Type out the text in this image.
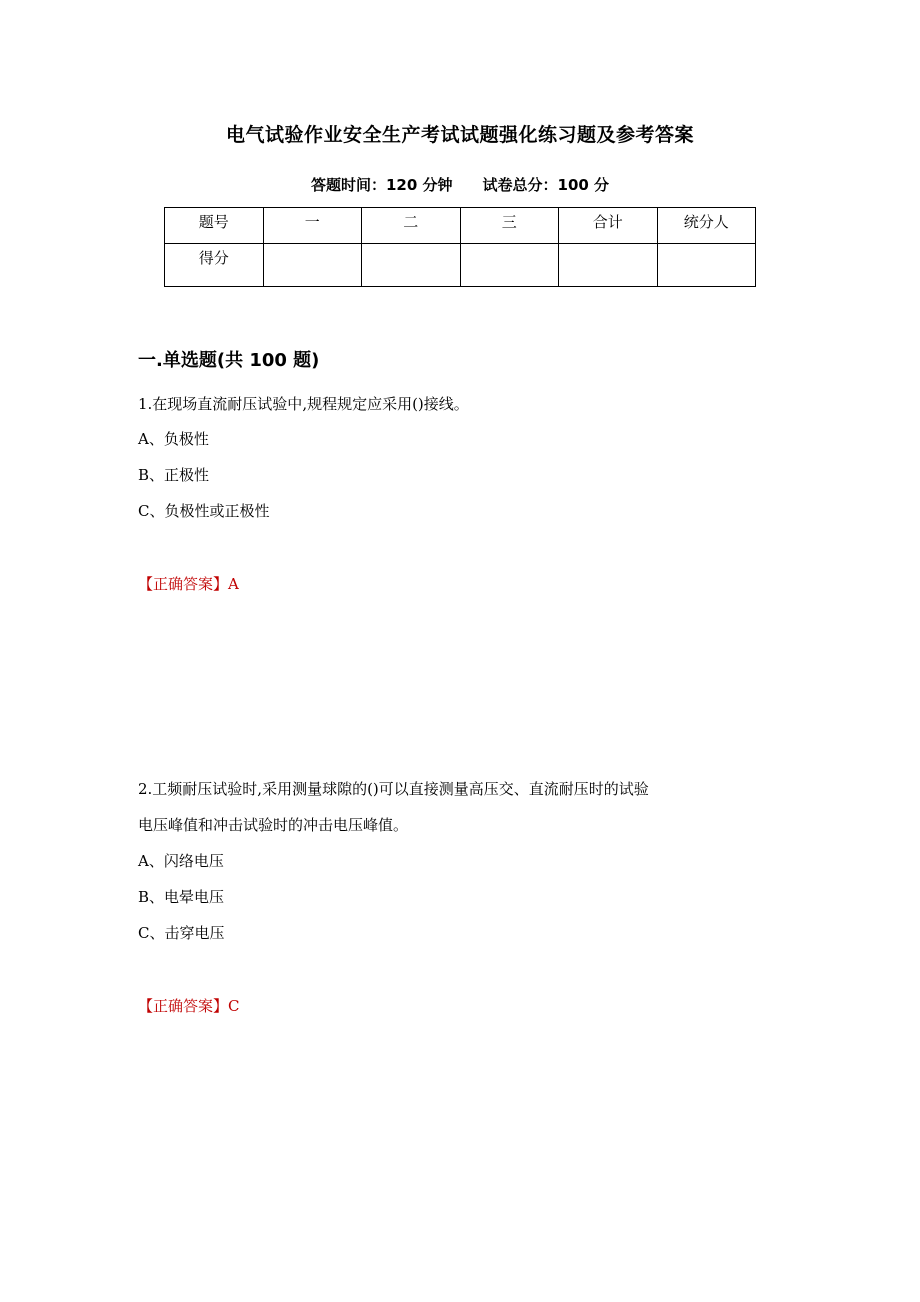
电气试验作业安全生产考试试题强化练习题及参考答案
答题时间：120 分钟 试卷总分：100 分
题号	一	二	三	合计	统分人
得分					
一.单选题(共 100 题)
1.在现场直流耐压试验中,规程规定应采用()接线。
A、负极性
B、正极性
C、负极性或正极性
【正确答案】A
2.工频耐压试验时,采用测量球隙的()可以直接测量高压交、直流耐压时的试验
电压峰值和冲击试验时的冲击电压峰值。
A、闪络电压
B、电晕电压
C、击穿电压
【正确答案】C
